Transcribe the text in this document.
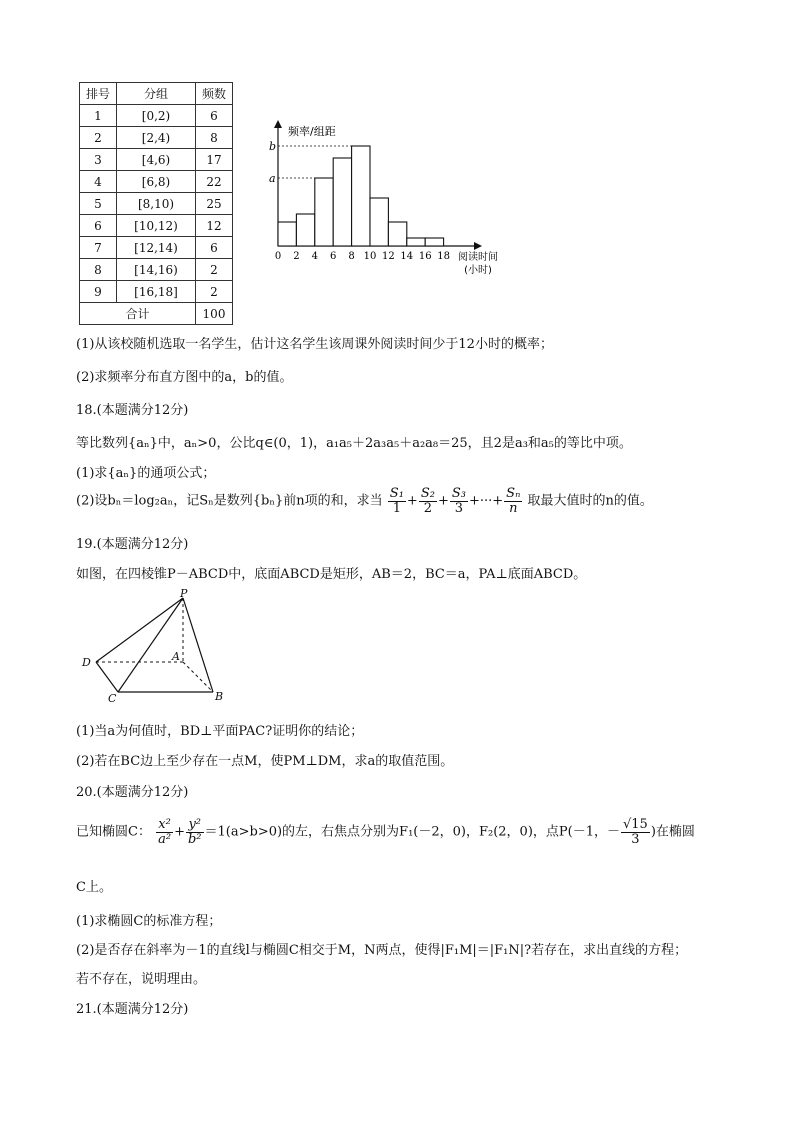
排号	分组	频数
1	[0,2)	6
2	[2,4)	8
3	[4,6)	17
4	[6,8)	22
5	[8,10)	25
6	[10,12)	12
7	[12,14)	6
8	[14,16)	2
9	[16,18]	2
合计		100
a
b
0 2 4 6 8 10 12 14 16 18
频率/组距
阅读时间
(小时)
(1)从该校随机选取一名学生，估计这名学生该周课外阅读时间少于12小时的概率；
(2)求频率分布直方图中的a，b的值。
18.(本题满分12分)
等比数列{aₙ}中，aₙ>0，公比q∈(0，1)，a₁a₅＋2a₃a₅＋a₂a₈＝25，且2是a₃和a₅的等比中项。
(1)求{aₙ}的通项公式；
(2)设bₙ＝log₂aₙ，记Sₙ是数列{bₙ}前n项的和，求当 $\frac{\text{S₁}}{1} + \frac{\text{S₂}}{2} + \frac{\text{S₃}}{3}$ +···+ $\frac{\text{Sₙ}}{n}$ 取最大值时的n的值。
19.(本题满分12分)
如图，在四棱锥P－ABCD中，底面ABCD是矩形，AB＝2，BC＝a，PA⊥底面ABCD。
P
D	A
C	B
(1)当a为何值时，BD⊥平面PAC?证明你的结论；
(2)若在BC边上至少存在一点M，使PM⊥DM，求a的取值范围。
20.(本题满分12分)
已知椭圆C： $\frac{\text{x²}}{\text{a²}} + \frac{\text{y²}}{\text{b²}} =1(a>b>0)$的左，右焦点分别为F₁(－2，0)，F₂(2，0)，点P(－1，－ $\frac{√15}{3}$ )在椭圆
C上。
(1)求椭圆C的标准方程；
(2)是否存在斜率为－1的直线l与椭圆C相交于M，N两点，使得|F₁M|＝|F₁N|?若存在，求出直线的方程；
若不存在，说明理由。
21.(本题满分12分)
